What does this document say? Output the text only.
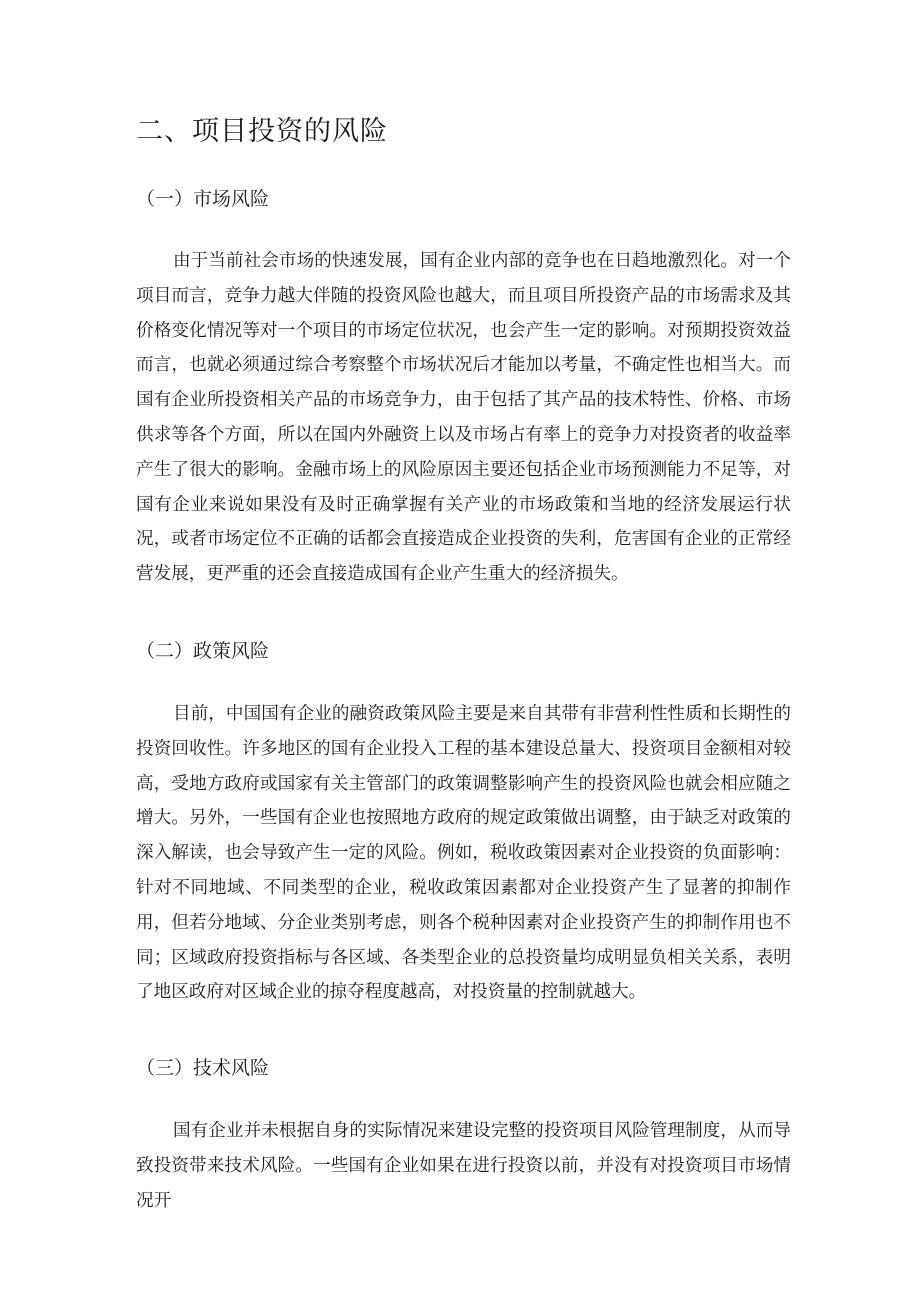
二、项目投资的风险
（一）市场风险

由于当前社会市场的快速发展，国有企业内部的竞争也在日趋地激烈化。对一个项目而言，竞争力越大伴随的投资风险也越大，而且项目所投资产品的市场需求及其价格变化情况等对一个项目的市场定位状况，也会产生一定的影响。对预期投资效益而言，也就必须通过综合考察整个市场状况后才能加以考量，不确定性也相当大。而国有企业所投资相关产品的市场竞争力，由于包括了其产品的技术特性、价格、市场供求等各个方面，所以在国内外融资上以及市场占有率上的竞争力对投资者的收益率产生了很大的影响。金融市场上的风险原因主要还包括企业市场预测能力不足等，对国有企业来说如果没有及时正确掌握有关产业的市场政策和当地的经济发展运行状况，或者市场定位不正确的话都会直接造成企业投资的失利，危害国有企业的正常经营发展，更严重的还会直接造成国有企业产生重大的经济损失。

（二）政策风险

目前，中国国有企业的融资政策风险主要是来自其带有非营利性性质和长期性的投资回收性。许多地区的国有企业投入工程的基本建设总量大、投资项目金额相对较高，受地方政府或国家有关主管部门的政策调整影响产生的投资风险也就会相应随之增大。另外，一些国有企业也按照地方政府的规定政策做出调整，由于缺乏对政策的深入解读，也会导致产生一定的风险。例如，税收政策因素对企业投资的负面影响：针对不同地域、不同类型的企业，税收政策因素都对企业投资产生了显著的抑制作用，但若分地域、分企业类别考虑，则各个税种因素对企业投资产生的抑制作用也不同；区域政府投资指标与各区域、各类型企业的总投资量均成明显负相关关系，表明了地区政府对区域企业的掠夺程度越高，对投资量的控制就越大。

（三）技术风险

国有企业并未根据自身的实际情况来建设完整的投资项目风险管理制度，从而导致投资带来技术风险。一些国有企业如果在进行投资以前，并没有对投资项目市场情况开
